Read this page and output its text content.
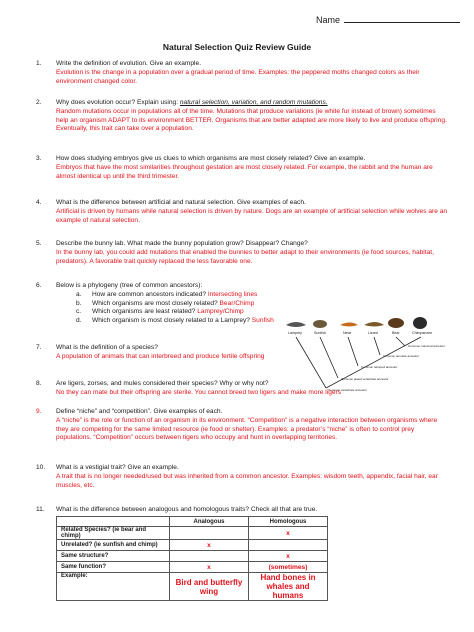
Name
Natural Selection Quiz Review Guide
1.	Write the definition of evolution. Give an example.
Evolution is the change in a population over a gradual period of time. Examples: the peppered moths changed colors as their environment changed color.
2.	Why does evolution occur? Explain using: natural selection, variation, and random mutations.
Random mutations occur in populations all of the time. Mutations that produce variations (ie white fur instead of brown) sometimes help an organism ADAPT to its environment BETTER. Organisms that are better adapted are more likely to live and produce offspring. Eventually, this trait can take over a population.
3.	How does studying embryos give us clues to which organisms are most closely related? Give an example.
Embryos that have the most similarities throughout gestation are most closely related. For example, the rabbit and the human are almost identical up until the third trimester.
4.	What is the difference between artificial and natural selection. Give examples of each.
Artificial is driven by humans while natural selection is driven by nature. Dogs are an example of artificial selection while wolves are an example of natural selection.
5.	Describe the bunny lab. What made the bunny population grow? Disappear? Change?
In the bunny lab, you could add mutations that enabled the bunnies to better adapt to their environments (ie food sources, habitat, predators). A favorable trait quickly replaced the less favorable one.
6.	Below is a phylogeny (tree of common ancestors):
a.	How are common ancestors indicated? Intersecting lines
b.	Which organisms are most closely related? Bear/Chimp
c.	Which organisms are least related? Lamprey/Chimp
d.	Which organism is most closely related to a Lamprey? Sunfish
Lamprey	Sunfish	Newt	Lizard	Bear	Chimpanzee
Common mammal ancestor
Common amniote ancestor
Common tetrapod ancestor
Common jawed vertebrate ancestor
Common vertebrate ancestor
7.	What is the definition of a species?
A population of animals that can interbreed and produce fertile offspring
8.	Are ligers, zorses, and mules considered their species? Why or why not?
No they can mate but their offspring are sterile. You cannot breed two ligers and make more ligers
9.	Define “niche” and “competition”. Give examples of each.
A “niche” is the role or function of an organism in its environment. “Competition” is a negative interaction between organisms where they are competing for the same limited resource (ie food or shelter). Examples: a predator’s “niche” is often to control prey populations. “Competition” occurs between tigers who occupy and hunt in overlapping territories.
10.	What is a vestigial trait? Give an example.
A trait that is no longer needed/used but was inherited from a common ancestor. Examples: wisdom teeth, appendix, facial hair, ear muscles, etc.
11.	What is the difference between analogous and homologous traits? Check all that are true.
	Analogous	Homologous
Related Species? (ie bear and chimp)		x
Unrelated? (ie sunfish and chimp)	x	
Same structure?		x
Same function?	x	(sometimes)
Example:	Bird and butterfly wing	Hand bones in whales and humans
